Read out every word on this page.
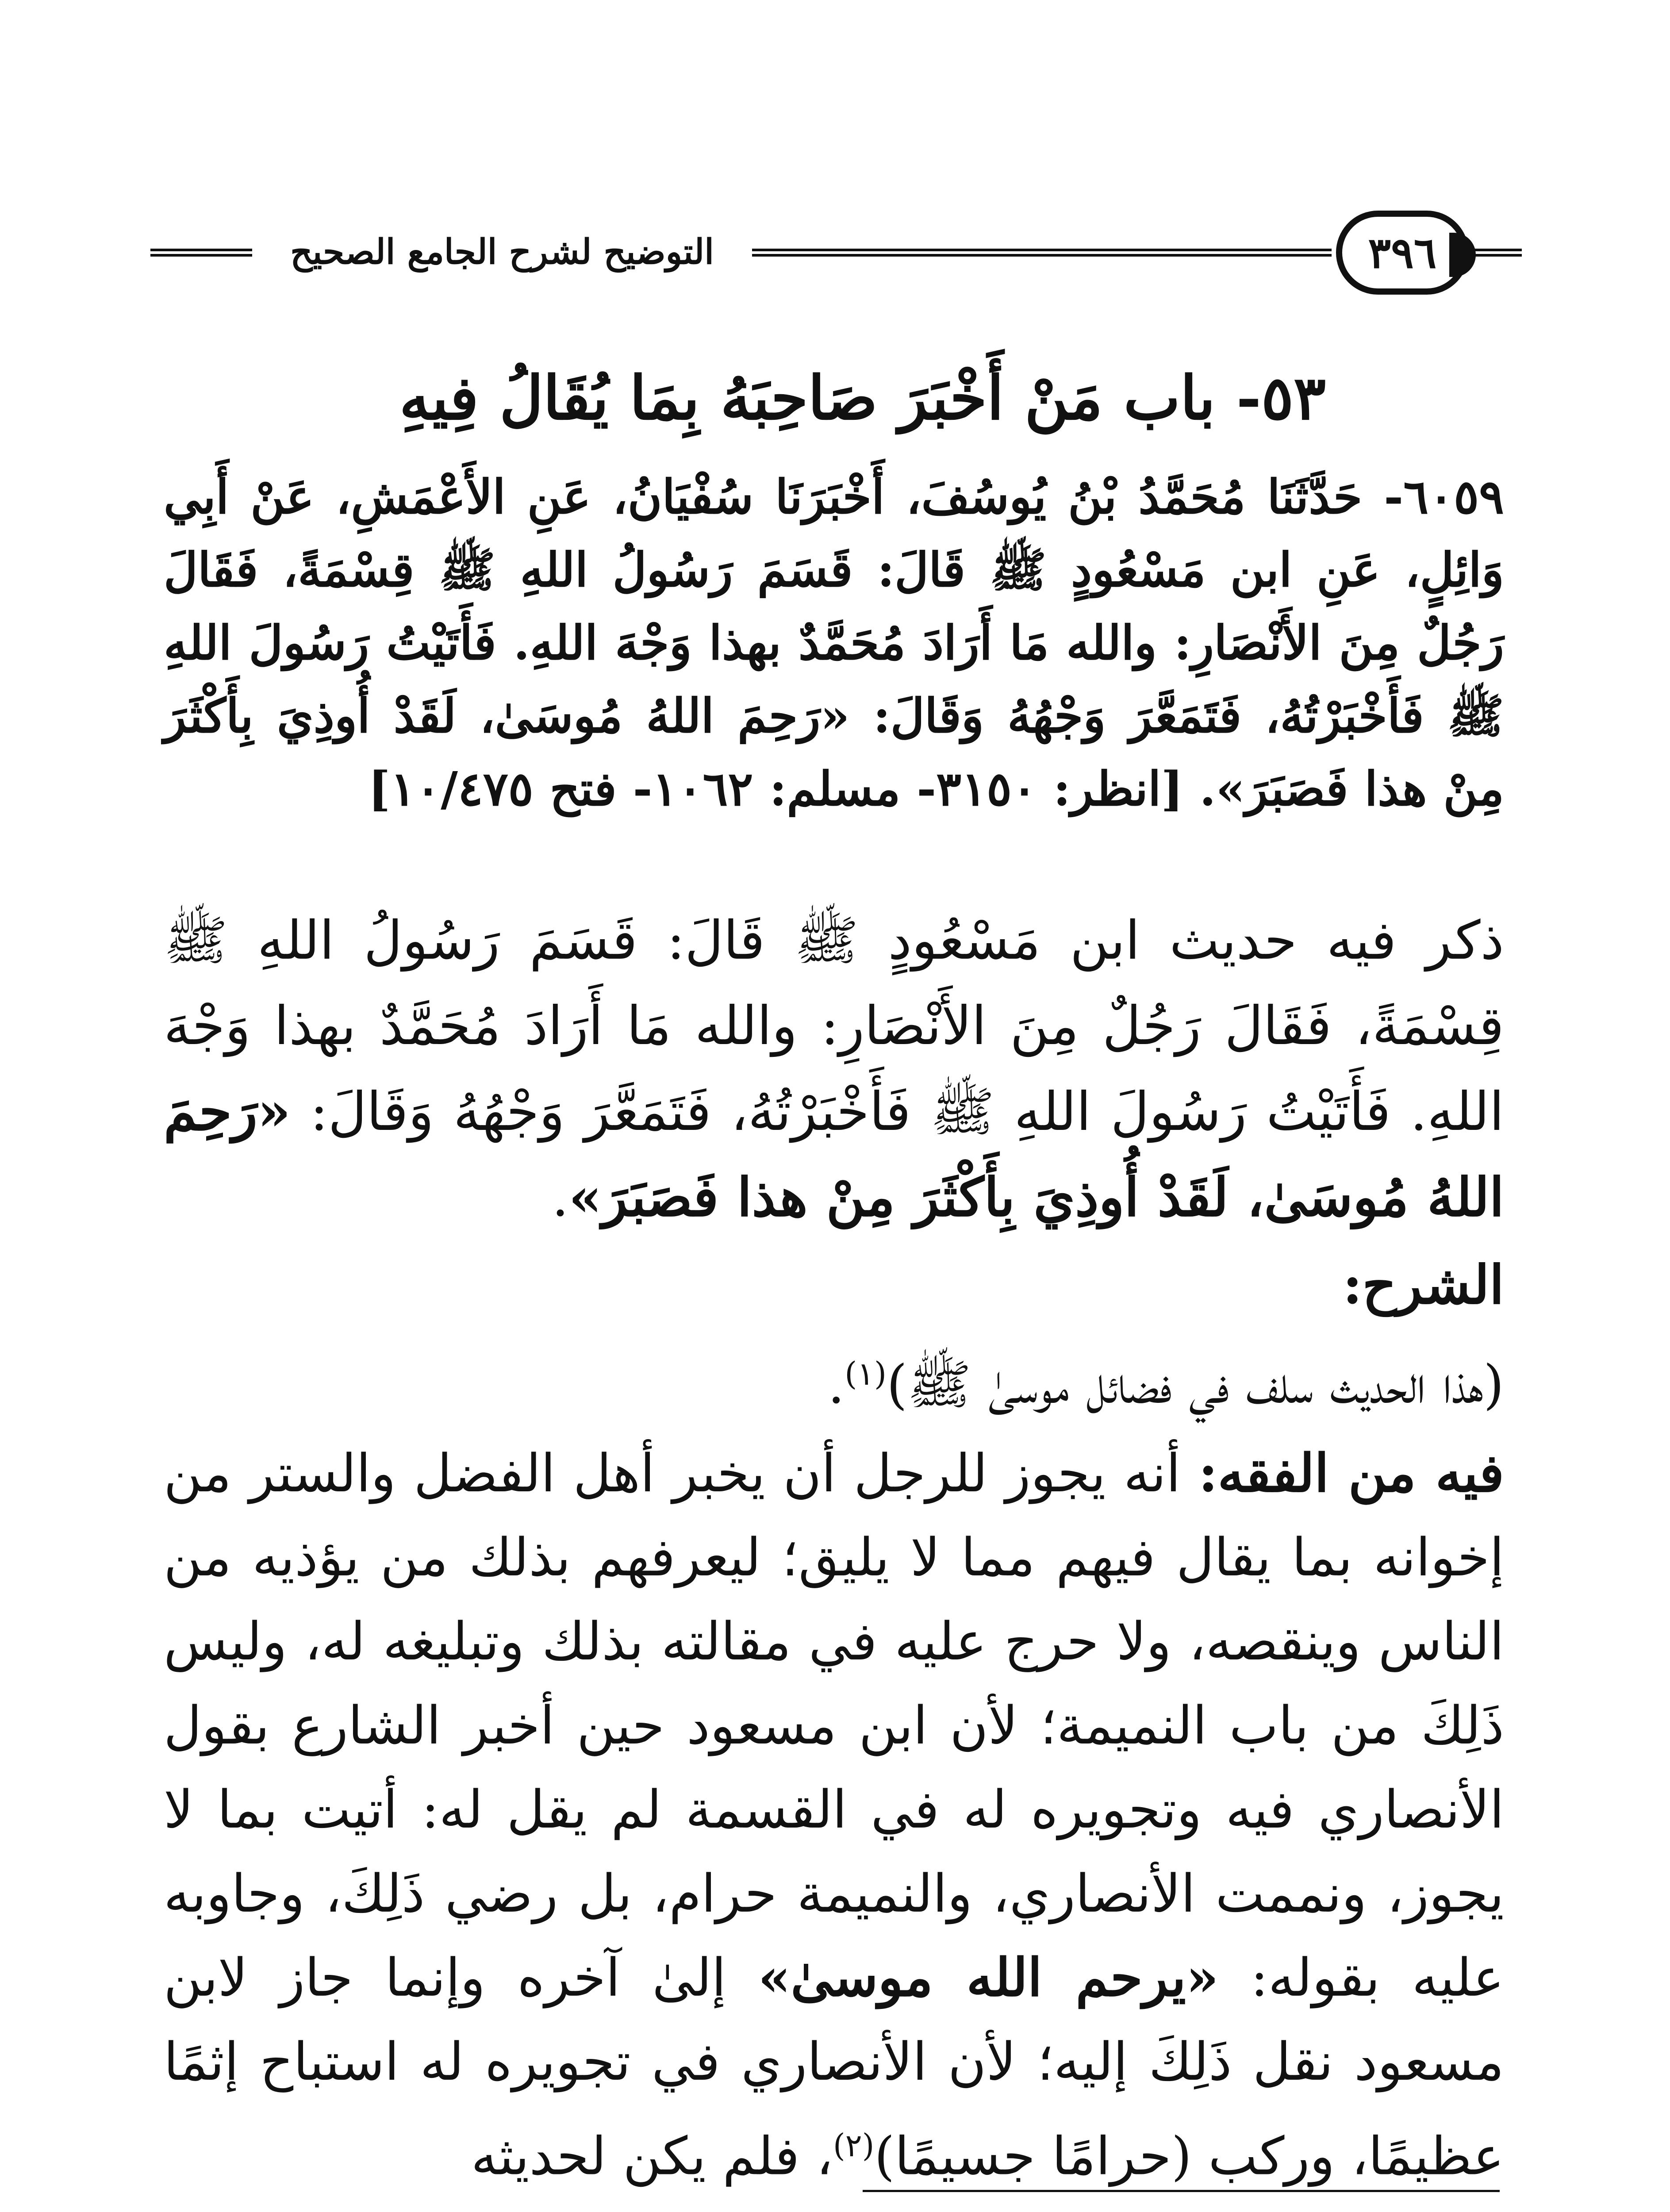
التوضيح لشرح الجامع الصحيح	٣٩٦
٥٣- باب مَنْ أَخْبَرَ صَاحِبَهُ بِمَا يُقَالُ فِيهِ
٦٠٥٩- حَدَّثَنَا مُحَمَّدُ بْنُ يُوسُفَ، أَخْبَرَنَا سُفْيَانُ، عَنِ الأَعْمَشِ، عَنْ أَبِي وَائِلٍ، عَنِ ابن مَسْعُودٍ ﷺ قَالَ: قَسَمَ رَسُولُ اللهِ ﷺ قِسْمَةً، فَقَالَ رَجُلٌ مِنَ الأَنْصَارِ: والله مَا أَرَادَ مُحَمَّدٌ بهذا وَجْهَ اللهِ. فَأَتَيْتُ رَسُولَ اللهِ ﷺ فَأَخْبَرْتُهُ، فَتَمَعَّرَ وَجْهُهُ وَقَالَ: «رَحِمَ اللهُ مُوسَىٰ، لَقَدْ أُوذِيَ بِأَكْثَرَ مِنْ هذا فَصَبَرَ». [انظر: ٣١٥٠- مسلم: ١٠٦٢- فتح ١٠/٤٧٥]
ذكر فيه حديث ابن مَسْعُودٍ ﷺ قَالَ: قَسَمَ رَسُولُ اللهِ ﷺ قِسْمَةً، فَقَالَ رَجُلٌ مِنَ الأَنْصَارِ: والله مَا أَرَادَ مُحَمَّدٌ بهذا وَجْهَ اللهِ. فَأَتَيْتُ رَسُولَ اللهِ ﷺ فَأَخْبَرْتُهُ، فَتَمَعَّرَ وَجْهُهُ وَقَالَ: «رَحِمَ اللهُ مُوسَىٰ، لَقَدْ أُوذِيَ بِأَكْثَرَ مِنْ هذا فَصَبَرَ».
الشرح:
(هذا الحديث سلف في فضائل موسىٰ ﷺ)$^{(١)}$.
فيه من الفقه: أنه يجوز للرجل أن يخبر أهل الفضل والستر من إخوانه بما يقال فيهم مما لا يليق؛ ليعرفهم بذلك من يؤذيه من الناس وينقصه، ولا حرج عليه في مقالته بذلك وتبليغه له، وليس ذَلِكَ من باب النميمة؛ لأن ابن مسعود حين أخبر الشارع بقول الأنصاري فيه وتجويره له في القسمة لم يقل له: أتيت بما لا يجوز، ونممت الأنصاري، والنميمة حرام، بل رضي ذَلِكَ، وجاوبه عليه بقوله: «يرحم الله موسىٰ» إلىٰ آخره وإنما جاز لابن مسعود نقل ذَلِكَ إليه؛ لأن الأنصاري في تجويره له استباح إثمًا عظيمًا، وركب (حرامًا جسيمًا)$^{(٢)}$، فلم يكن لحديثه
